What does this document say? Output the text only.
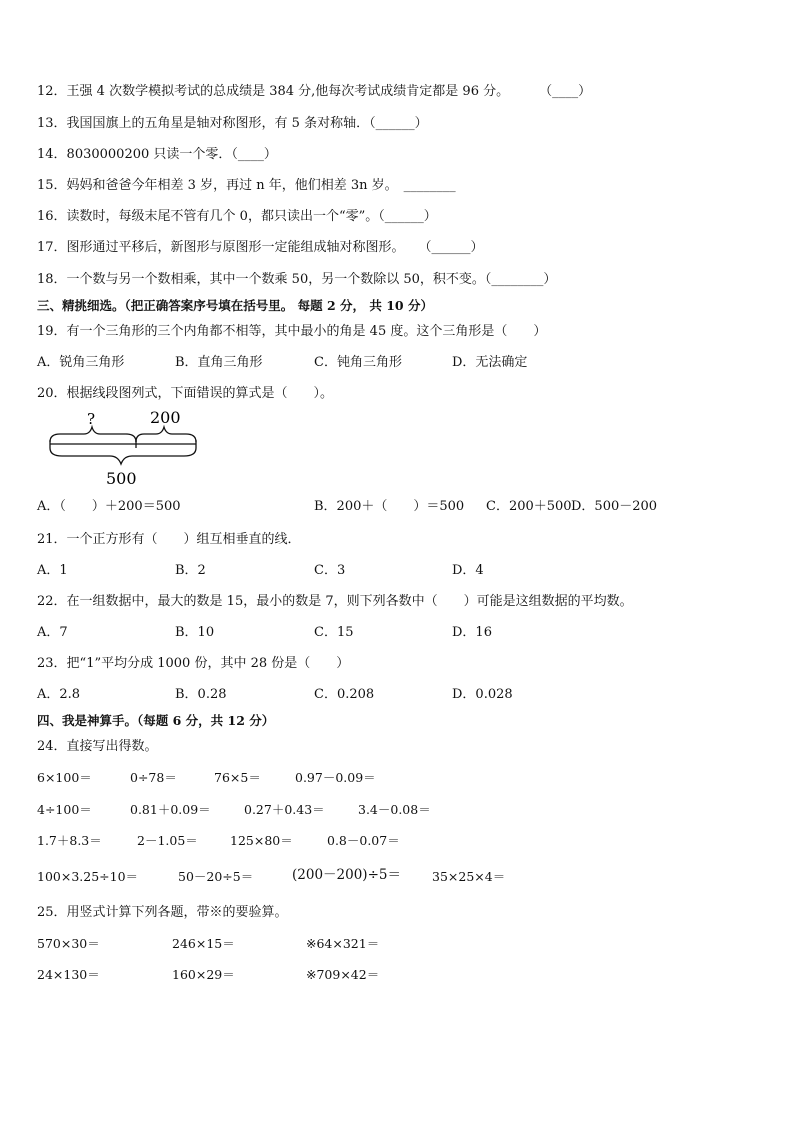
12．王强 4 次数学模拟考试的总成绩是 384 分,他每次考试成绩肯定都是 96 分。 （____）
13．我国国旗上的五角星是轴对称图形，有 5 条对称轴．（______）
14．8030000200 只读一个零．（____）
15．妈妈和爸爸今年相差 3 岁，再过 n 年，他们相差 3n 岁。 ________
16．读数时，每级末尾不管有几个 0，都只读出一个“零”。（______）
17．图形通过平移后，新图形与原图形一定能组成轴对称图形。 （______）
18．一个数与另一个数相乘，其中一个数乘 50，另一个数除以 50，积不变。（________）
三、精挑细选。（把正确答案序号填在括号里。 每题 2 分， 共 10 分）
19．有一个三角形的三个内角都不相等，其中最小的角是 45 度。这个三角形是（　　）
A．锐角三角形	B．直角三角形	C．钝角三角形	D．无法确定
20．根据线段图列式，下面错误的算式是（　　）。
?	200
500
A．（　　）＋200＝500	B．200＋（　　）＝500 C．200＋500 D．500－200
21．一个正方形有（　　）组互相垂直的线．
A．1	B．2	C．3	D．4
22．在一组数据中，最大的数是 15，最小的数是 7，则下列各数中（　　）可能是这组数据的平均数。
A．7	B．10	C．15	D．16
23．把“1”平均分成 1000 份，其中 28 份是（　　）
A．2.8	B．0.28	C．0.208	D．0.028
四、我是神算手。（每题 6 分，共 12 分）
24．直接写出得数。
6×100＝	0÷78＝	76×5＝	0.97－0.09＝
4÷100＝	0.81＋0.09＝	0.27＋0.43＝	3.4－0.08＝
1.7＋8.3＝	2－1.05＝	125×80＝	0.8－0.07＝
100×3.25÷10＝	50－20÷5＝	(200－200)÷5＝ 35×25×4＝
25．用竖式计算下列各题，带※的要验算。
570×30＝	246×15＝	※64×321＝
24×130＝	160×29＝	※709×42＝
